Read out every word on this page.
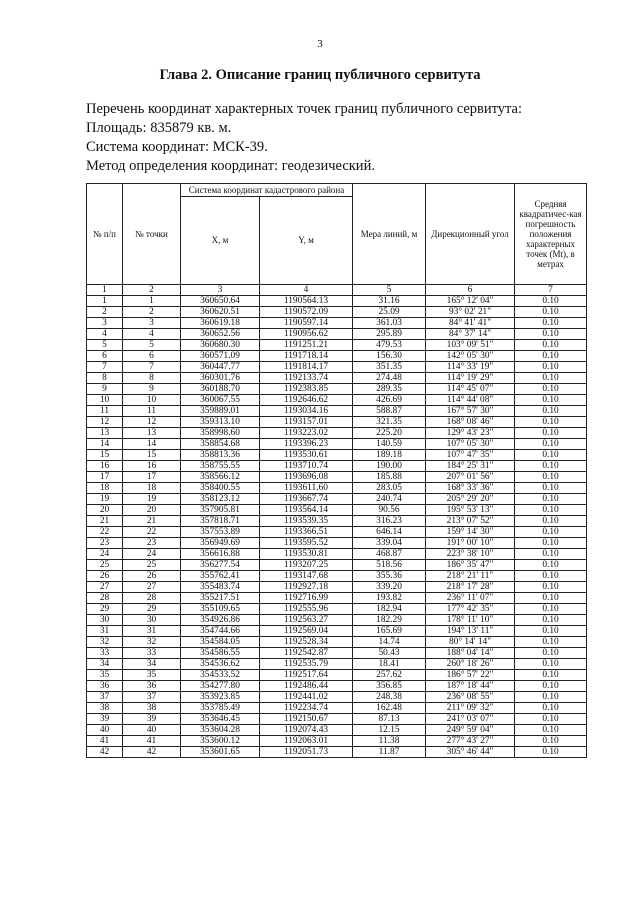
3
Глава 2. Описание границ публичного сервитута
Перечень координат характерных точек границ публичного сервитута:
Площадь: 835879 кв. м.
Система координат: МСК-39.
Метод определения координат: геодезический.
№ п/п	№ точки	Система координат кадастрового района		Мера линий, м	Дирекционный угол	Средняя квадратичес-кая погрешность положения характерных точек (Mt), в метрах
		X, м	Y, м			
1	2	3	4	5	6	7
1	1	360650.64	1190564.13	31.16	165° 12' 04"	0.10
2	2	360620.51	1190572.09	25.09	93° 02' 21"	0.10
3	3	360619.18	1190597.14	361.03	84° 41' 41"	0.10
4	4	360652.56	1190956.62	295.89	84° 37' 14"	0.10
5	5	360680.30	1191251.21	479.53	103° 09' 51"	0.10
6	6	360571.09	1191718.14	156.30	142° 05' 30"	0.10
7	7	360447.77	1191814.17	351.35	114° 33' 19"	0.10
8	8	360301.76	1192133.74	274.48	114° 19' 29"	0.10
9	9	360188.70	1192383.85	289.35	114° 45' 07"	0.10
10	10	360067.55	1192646.62	426.69	114° 44' 08"	0.10
11	11	359889.01	1193034.16	588.87	167° 57' 30"	0.10
12	12	359313.10	1193157.01	321.35	168° 08' 46"	0.10
13	13	358998.60	1193223.02	225.20	129° 43' 23"	0.10
14	14	358854.68	1193396.23	140.59	107° 05' 30"	0.10
15	15	358813.36	1193530.61	189.18	107° 47' 35"	0.10
16	16	358755.55	1193710.74	190.00	184° 25' 31"	0.10
17	17	358566.12	1193696.08	185.88	207° 01' 56"	0.10
18	18	358400.55	1193611.60	283.05	168° 33' 36"	0.10
19	19	358123.12	1193667.74	240.74	205° 29' 20"	0.10
20	20	357905.81	1193564.14	90.56	195° 53' 13"	0.10
21	21	357818.71	1193539.35	316.23	213° 07' 52"	0.10
22	22	357553.89	1193366.51	646.14	159° 14' 30"	0.10
23	23	356949.69	1193595.52	339.04	191° 00' 10"	0.10
24	24	356616.88	1193530.81	468.87	223° 38' 10"	0.10
25	25	356277.54	1193207.25	518.56	186° 35' 47"	0.10
26	26	355762.41	1193147.68	355.36	218° 21' 11"	0.10
27	27	355483.74	1192927.18	339.20	218° 17' 28"	0.10
28	28	355217.51	1192716.99	193.82	236° 11' 07"	0.10
29	29	355109.65	1192555.96	182.94	177° 42' 35"	0.10
30	30	354926.86	1192563.27	182.29	178° 11' 10"	0.10
31	31	354744.66	1192569.04	165.69	194° 13' 11"	0.10
32	32	354584.05	1192528.34	14.74	80° 14' 14"	0.10
33	33	354586.55	1192542.87	50.43	188° 04' 14"	0.10
34	34	354536.62	1192535.79	18.41	260° 18' 26"	0.10
35	35	354533.52	1192517.64	257.62	186° 57' 22"	0.10
36	36	354277.80	1192486.44	356.85	187° 18' 44"	0.10
37	37	353923.85	1192441.02	248.38	236° 08' 55"	0.10
38	38	353785.49	1192234.74	162.48	211° 09' 32"	0.10
39	39	353646.45	1192150.67	87.13	241° 03' 07"	0.10
40	40	353604.28	1192074.43	12.15	249° 59' 04"	0.10
41	41	353600.12	1192063.01	11.38	277° 43' 27"	0.10
42	42	353601.65	1192051.73	11.87	305° 46' 44"	0.10
